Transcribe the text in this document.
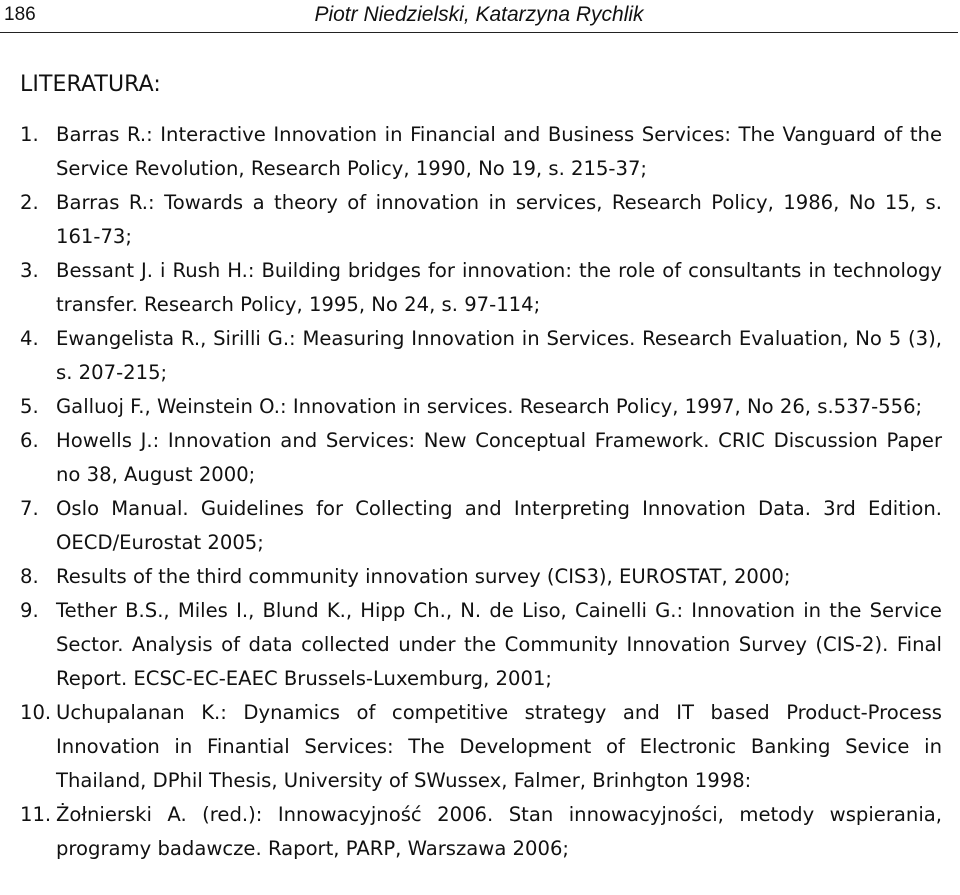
186	Piotr Niedzielski, Katarzyna Rychlik
LITERATURA:
1. Barras R.: Interactive Innovation in Financial and Business Services: The Vanguard of the Service Revolution, Research Policy, 1990, No 19, s. 215-37;
2. Barras R.: Towards a theory of innovation in services, Research Policy, 1986, No 15, s. 161-73;
3. Bessant J. i Rush H.: Building bridges for innovation: the role of consultants in technology transfer. Research Policy, 1995, No 24, s. 97-114;
4. Ewangelista R., Sirilli G.: Measuring Innovation in Services. Research Evaluation, No 5 (3), s. 207-215;
5. Galluoj F., Weinstein O.: Innovation in services. Research Policy, 1997, No 26, s.537-556;
6. Howells J.: Innovation and Services: New Conceptual Framework. CRIC Discussion Paper no 38, August 2000;
7. Oslo Manual. Guidelines for Collecting and Interpreting Innovation Data. 3rd Edition. OECD/Eurostat 2005;
8. Results of the third community innovation survey (CIS3), EUROSTAT, 2000;
9. Tether B.S., Miles I., Blund K., Hipp Ch., N. de Liso, Cainelli G.: Innovation in the Service Sector. Analysis of data collected under the Community Innovation Survey (CIS-2). Final Report. ECSC-EC-EAEC Brussels-Luxemburg, 2001;
10. Uchupalanan K.: Dynamics of competitive strategy and IT based Product-Process Innovation in Finantial Services: The Development of Electronic Banking Sevice in Thailand, DPhil Thesis, University of SWussex, Falmer, Brinhgton 1998:
11. Żołnierski A. (red.): Innowacyjność 2006. Stan innowacyjności, metody wspierania, programy badawcze. Raport, PARP, Warszawa 2006;
